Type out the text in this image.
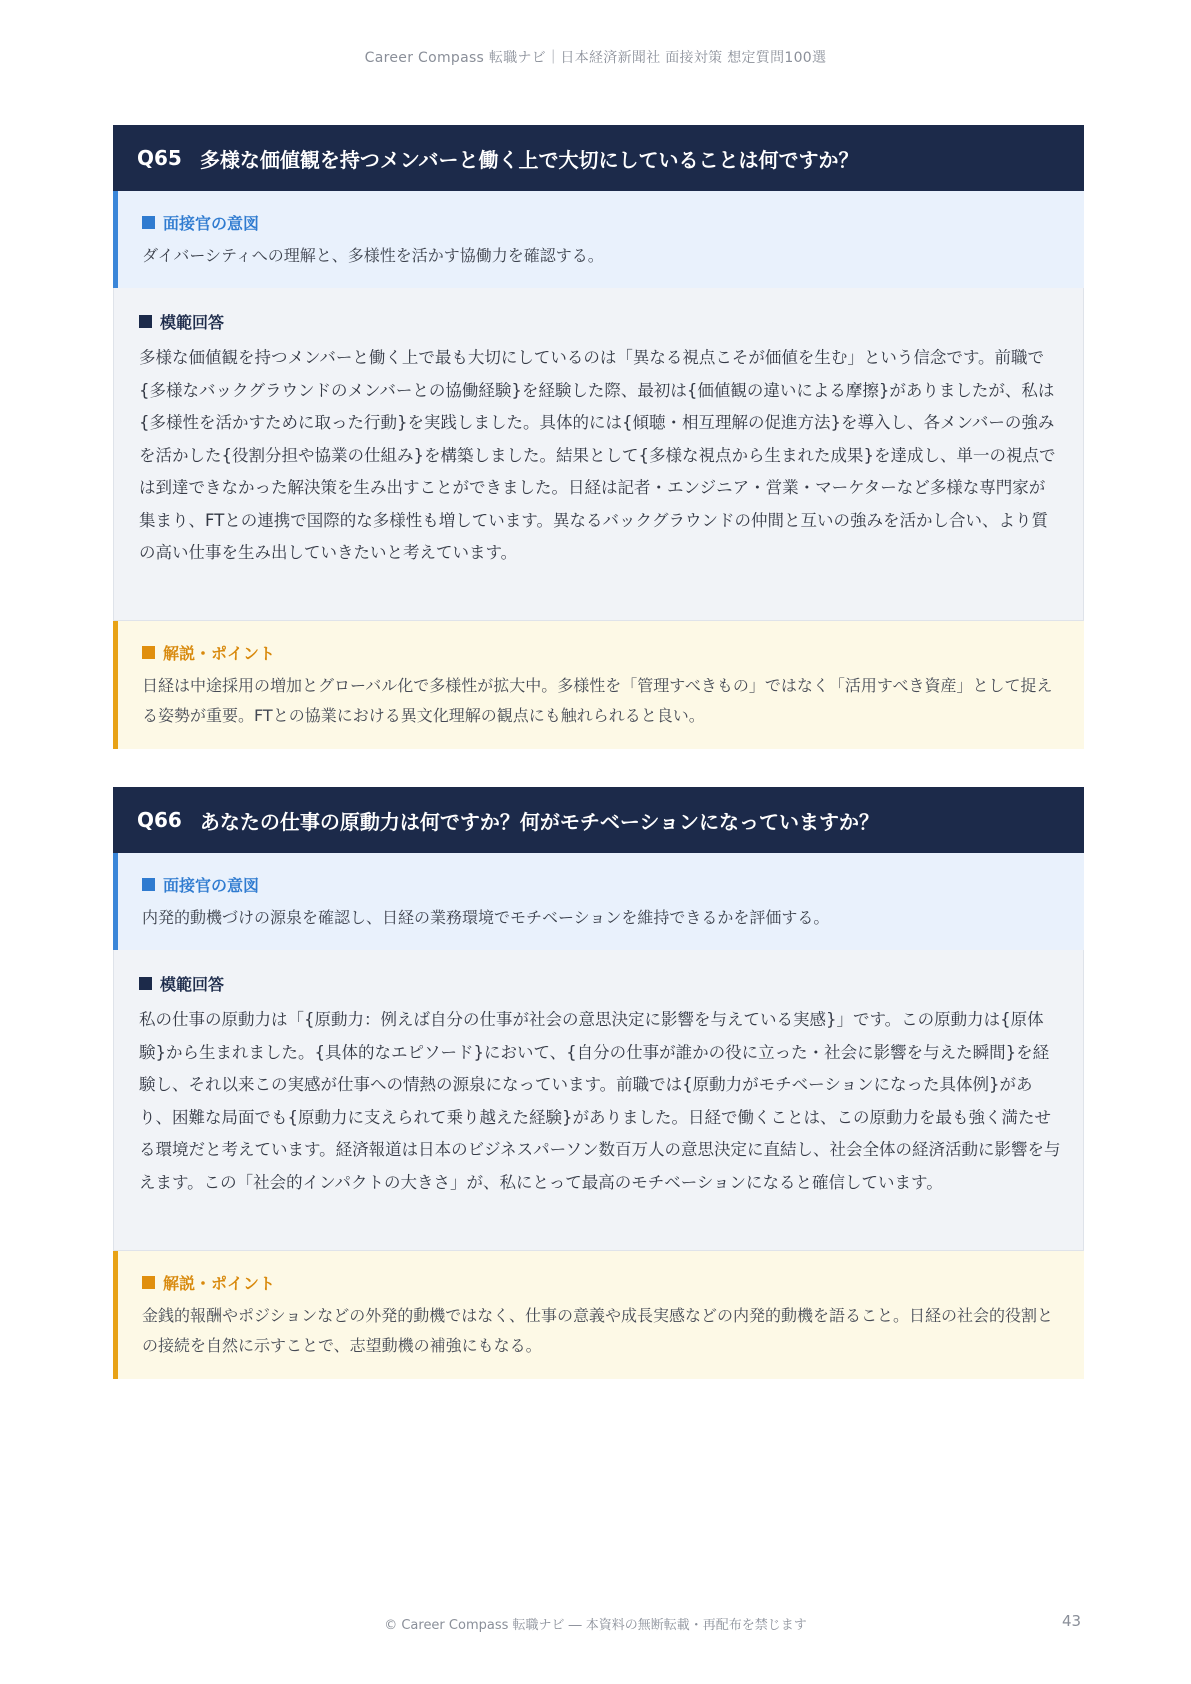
Career Compass 転職ナビ｜日本経済新聞社 面接対策 想定質問100選
Q65 多様な価値観を持つメンバーと働く上で大切にしていることは何ですか？
面接官の意図
ダイバーシティへの理解と、多様性を活かす協働力を確認する。
模範回答
多様な価値観を持つメンバーと働く上で最も大切にしているのは「異なる視点こそが価値を生む」という信念です。前職で{多様なバックグラウンドのメンバーとの協働経験}を経験した際、最初は{価値観の違いによる摩擦}がありましたが、私は{多様性を活かすために取った行動}を実践しました。具体的には{傾聴・相互理解の促進方法}を導入し、各メンバーの強みを活かした{役割分担や協業の仕組み}を構築しました。結果として{多様な視点から生まれた成果}を達成し、単一の視点では到達できなかった解決策を生み出すことができました。日経は記者・エンジニア・営業・マーケターなど多様な専門家が集まり、FTとの連携で国際的な多様性も増しています。異なるバックグラウンドの仲間と互いの強みを活かし合い、より質の高い仕事を生み出していきたいと考えています。
解説・ポイント
日経は中途採用の増加とグローバル化で多様性が拡大中。多様性を「管理すべきもの」ではなく「活用すべき資産」として捉える姿勢が重要。FTとの協業における異文化理解の観点にも触れられると良い。
Q66 あなたの仕事の原動力は何ですか？何がモチベーションになっていますか？
面接官の意図
内発的動機づけの源泉を確認し、日経の業務環境でモチベーションを維持できるかを評価する。
模範回答
私の仕事の原動力は「{原動力：例えば自分の仕事が社会の意思決定に影響を与えている実感}」です。この原動力は{原体験}から生まれました。{具体的なエピソード}において、{自分の仕事が誰かの役に立った・社会に影響を与えた瞬間}を経験し、それ以来この実感が仕事への情熱の源泉になっています。前職では{原動力がモチベーションになった具体例}があり、困難な局面でも{原動力に支えられて乗り越えた経験}がありました。日経で働くことは、この原動力を最も強く満たせる環境だと考えています。経済報道は日本のビジネスパーソン数百万人の意思決定に直結し、社会全体の経済活動に影響を与えます。この「社会的インパクトの大きさ」が、私にとって最高のモチベーションになると確信しています。
解説・ポイント
金銭的報酬やポジションなどの外発的動機ではなく、仕事の意義や成長実感などの内発的動機を語ること。日経の社会的役割との接続を自然に示すことで、志望動機の補強にもなる。
© Career Compass 転職ナビ ― 本資料の無断転載・再配布を禁じます	43
